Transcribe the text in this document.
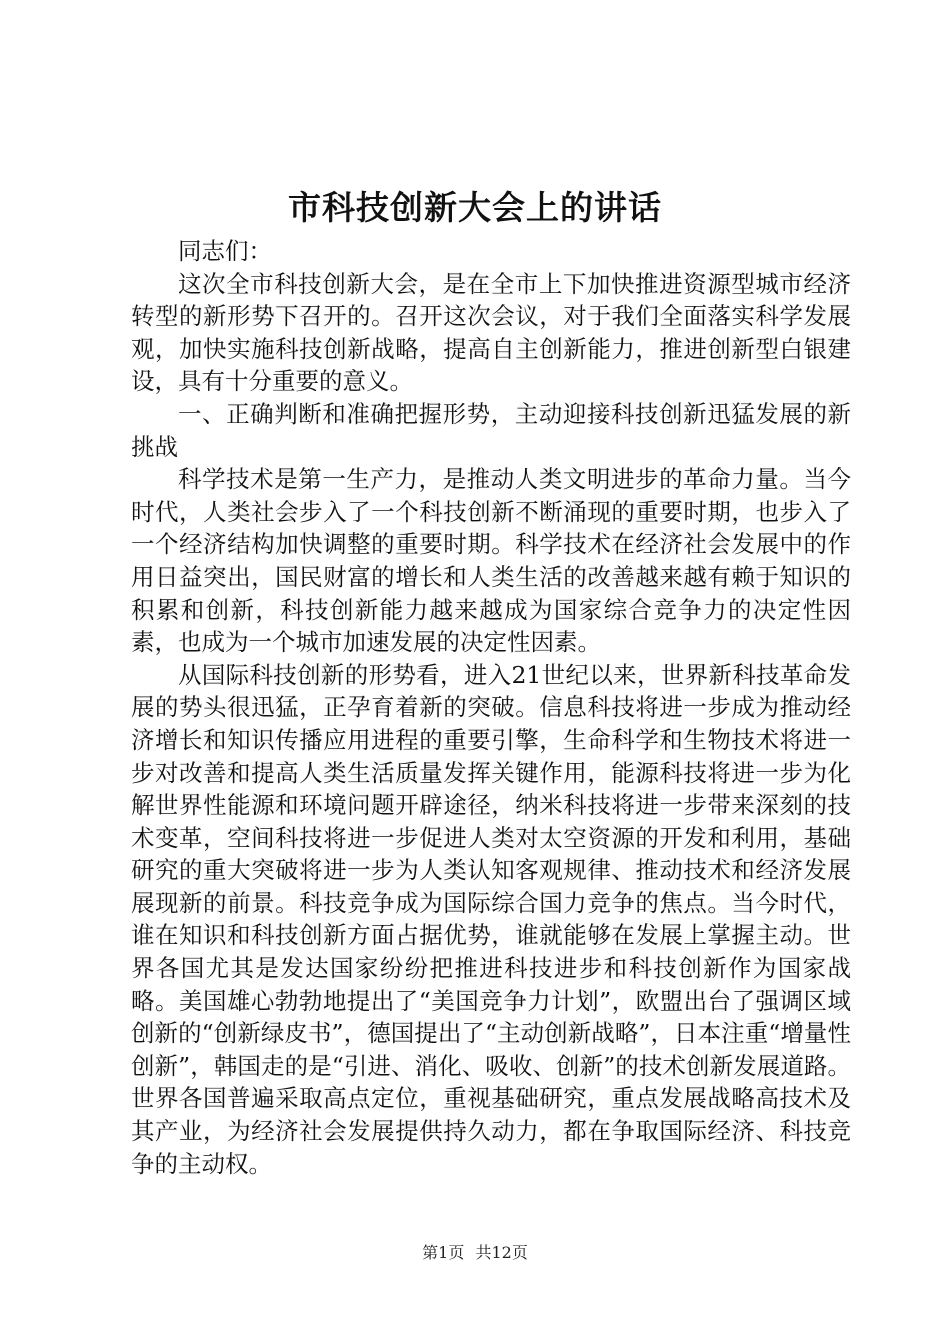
市科技创新大会上的讲话

同志们：

这次全市科技创新大会，是在全市上下加快推进资源型城市经济转型的新形势下召开的。召开这次会议，对于我们全面落实科学发展观，加快实施科技创新战略，提高自主创新能力，推进创新型白银建设，具有十分重要的意义。

一、正确判断和准确把握形势，主动迎接科技创新迅猛发展的新挑战

科学技术是第一生产力，是推动人类文明进步的革命力量。当今时代，人类社会步入了一个科技创新不断涌现的重要时期，也步入了一个经济结构加快调整的重要时期。科学技术在经济社会发展中的作用日益突出，国民财富的增长和人类生活的改善越来越有赖于知识的积累和创新，科技创新能力越来越成为国家综合竞争力的决定性因素，也成为一个城市加速发展的决定性因素。

从国际科技创新的形势看，进入21世纪以来，世界新科技革命发展的势头很迅猛，正孕育着新的突破。信息科技将进一步成为推动经济增长和知识传播应用进程的重要引擎，生命科学和生物技术将进一步对改善和提高人类生活质量发挥关键作用，能源科技将进一步为化解世界性能源和环境问题开辟途径，纳米科技将进一步带来深刻的技术变革，空间科技将进一步促进人类对太空资源的开发和利用，基础研究的重大突破将进一步为人类认知客观规律、推动技术和经济发展展现新的前景。科技竞争成为国际综合国力竞争的焦点。当今时代，谁在知识和科技创新方面占据优势，谁就能够在发展上掌握主动。世界各国尤其是发达国家纷纷把推进科技进步和科技创新作为国家战略。美国雄心勃勃地提出了“美国竞争力计划”，欧盟出台了强调区域创新的“创新绿皮书”，德国提出了“主动创新战略”，日本注重“增量性创新”，韩国走的是“引进、消化、吸收、创新”的技术创新发展道路。世界各国普遍采取高点定位，重视基础研究，重点发展战略高技术及其产业，为经济社会发展提供持久动力，都在争取国际经济、科技竞争的主动权。

第1页 共12页
